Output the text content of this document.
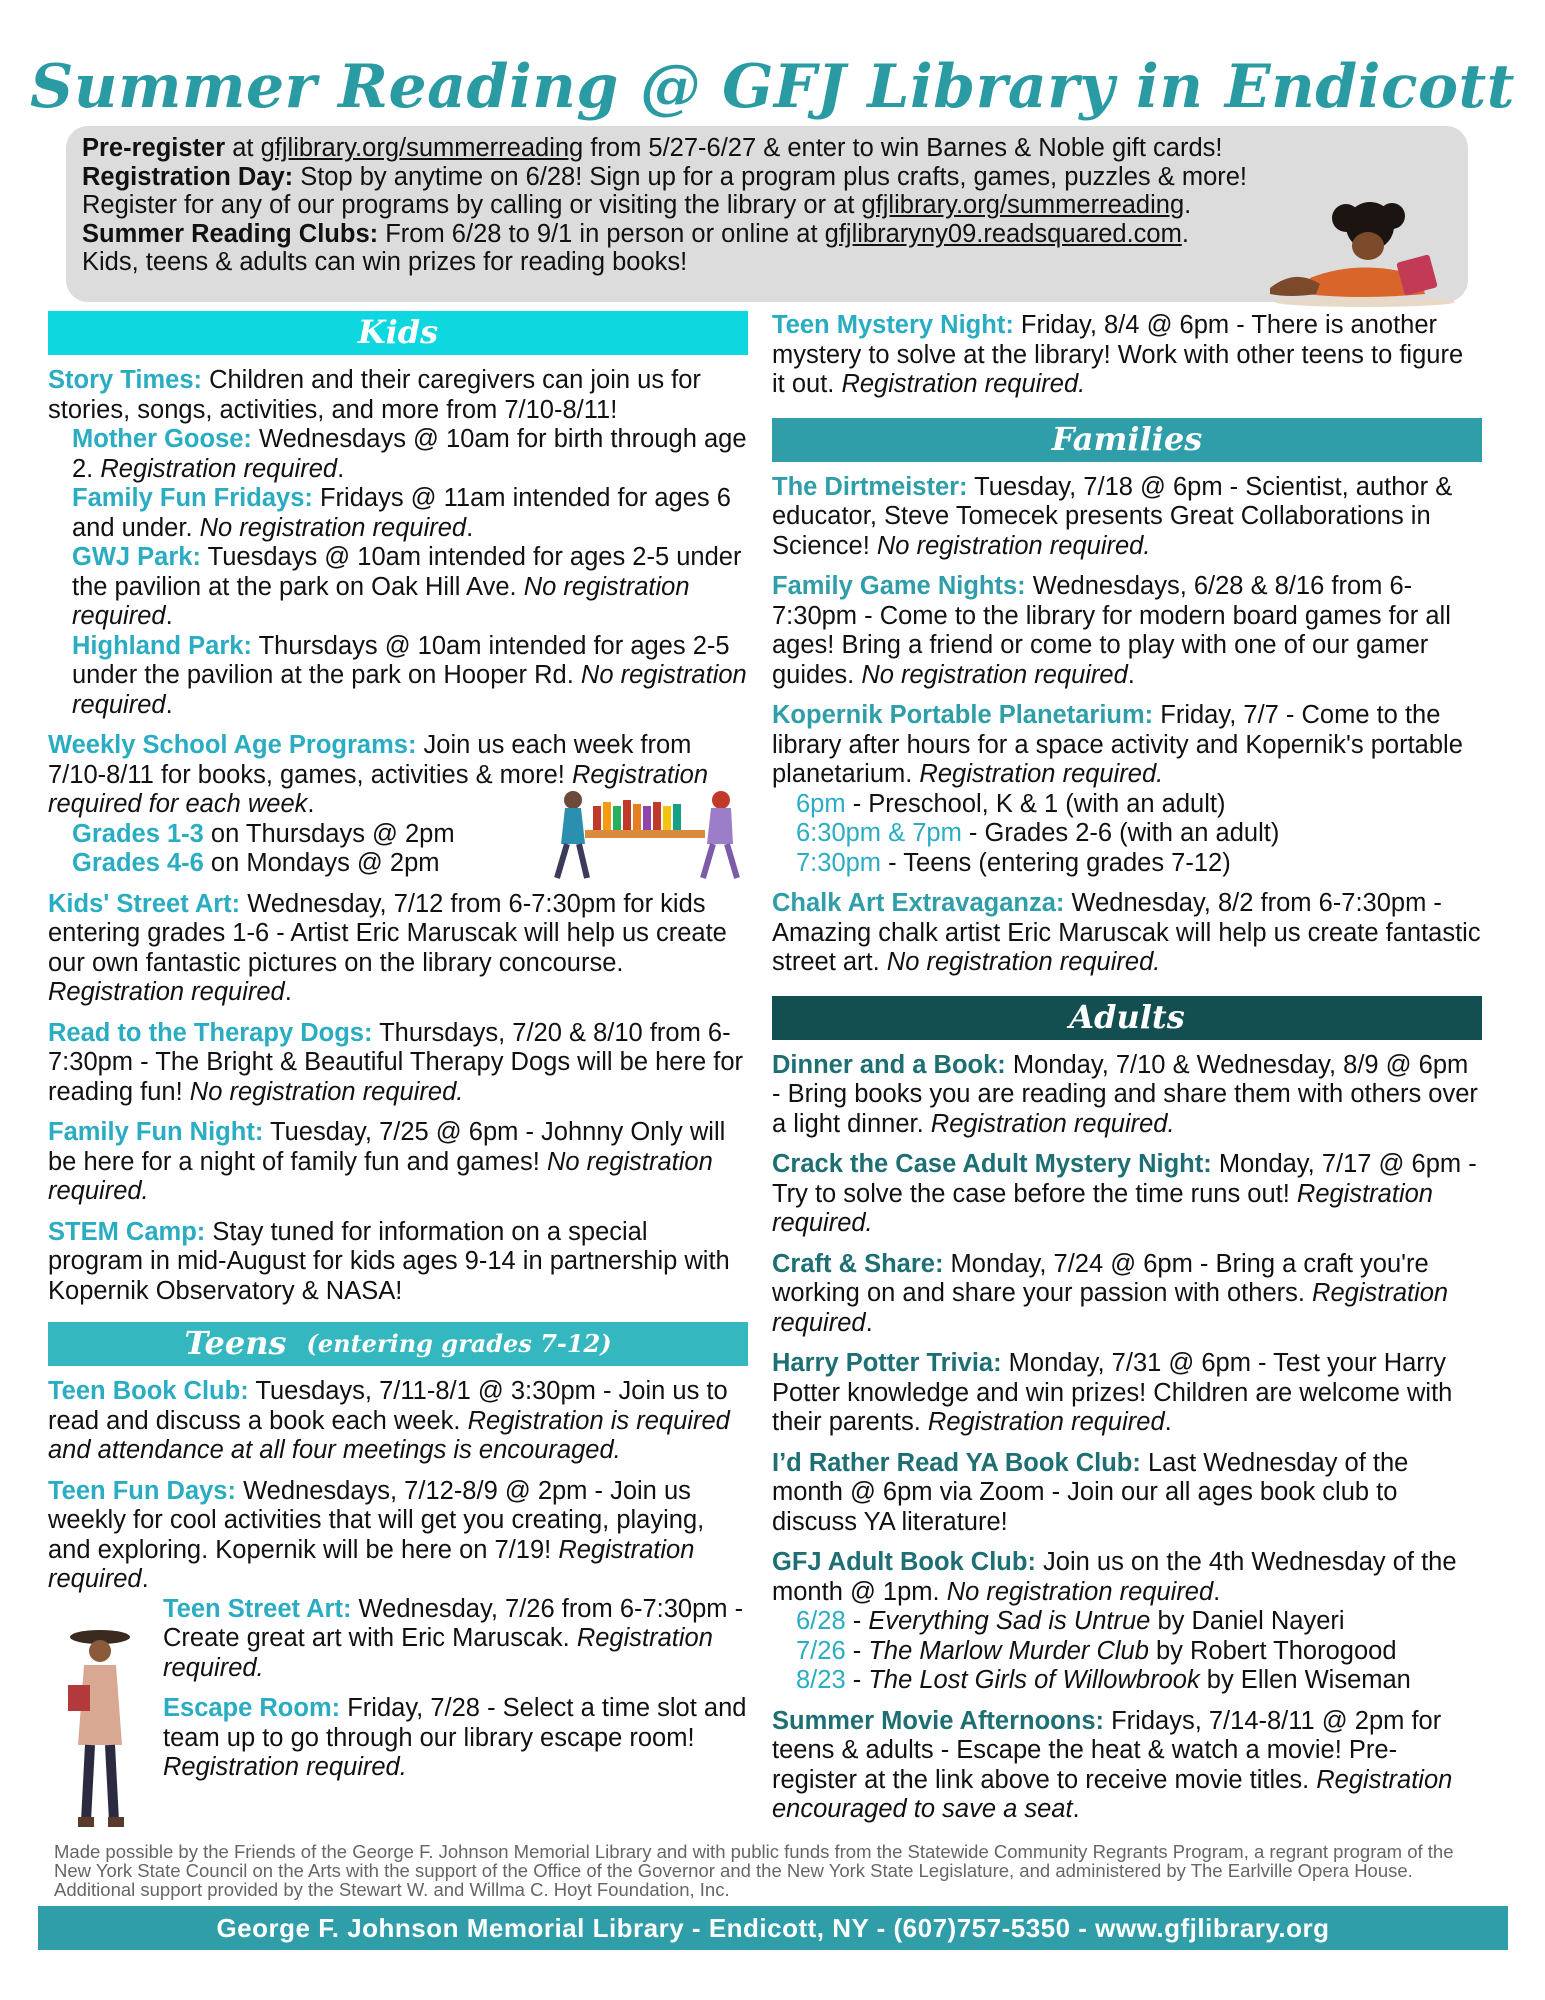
Summer Reading @ GFJ Library in Endicott

Pre-register at gfjlibrary.org/summerreading from 5/27-6/27 & enter to win Barnes & Noble gift cards!

Registration Day: Stop by anytime on 6/28! Sign up for a program plus crafts, games, puzzles & more!

Register for any of our programs by calling or visiting the library or at gfjlibrary.org/summerreading.

Summer Reading Clubs: From 6/28 to 9/1 in person or online at gfjlibraryny09.readsquared.com.

Kids, teens & adults can win prizes for reading books!

Kids

Story Times: Children and their caregivers can join us for stories, songs, activities, and more from 7/10-8/11!

Mother Goose: Wednesdays @ 10am for birth through age 2. Registration required.

Family Fun Fridays: Fridays @ 11am intended for ages 6 and under. No registration required.

GWJ Park: Tuesdays @ 10am intended for ages 2-5 under the pavilion at the park on Oak Hill Ave. No registration required.

Highland Park: Thursdays @ 10am intended for ages 2-5 under the pavilion at the park on Hooper Rd. No registration required.

Weekly School Age Programs: Join us each week from 7/10-8/11 for books, games, activities & more! Registration required for each week.

Grades 1-3 on Thursdays @ 2pm

Grades 4-6 on Mondays @ 2pm

Kids' Street Art: Wednesday, 7/12 from 6-7:30pm for kids entering grades 1-6 - Artist Eric Maruscak will help us create our own fantastic pictures on the library concourse. Registration required.

Read to the Therapy Dogs: Thursdays, 7/20 & 8/10 from 6-7:30pm - The Bright & Beautiful Therapy Dogs will be here for reading fun! No registration required.

Family Fun Night: Tuesday, 7/25 @ 6pm - Johnny Only will be here for a night of family fun and games! No registration required.

STEM Camp: Stay tuned for information on a special program in mid-August for kids ages 9-14 in partnership with Kopernik Observatory & NASA!

Teens (entering grades 7-12)

Teen Book Club: Tuesdays, 7/11-8/1 @ 3:30pm - Join us to read and discuss a book each week. Registration is required and attendance at all four meetings is encouraged.

Teen Fun Days: Wednesdays, 7/12-8/9 @ 2pm - Join us weekly for cool activities that will get you creating, playing, and exploring. Kopernik will be here on 7/19! Registration required.

Teen Street Art: Wednesday, 7/26 from 6-7:30pm - Create great art with Eric Maruscak. Registration required.

Escape Room: Friday, 7/28 - Select a time slot and team up to go through our library escape room! Registration required.

Teen Mystery Night: Friday, 8/4 @ 6pm - There is another mystery to solve at the library! Work with other teens to figure it out. Registration required.

Families

The Dirtmeister: Tuesday, 7/18 @ 6pm - Scientist, author & educator, Steve Tomecek presents Great Collaborations in Science! No registration required.

Family Game Nights: Wednesdays, 6/28 & 8/16 from 6-7:30pm - Come to the library for modern board games for all ages! Bring a friend or come to play with one of our gamer guides. No registration required.

Kopernik Portable Planetarium: Friday, 7/7 - Come to the library after hours for a space activity and Kopernik's portable planetarium. Registration required.

6pm - Preschool, K & 1 (with an adult)

6:30pm & 7pm - Grades 2-6 (with an adult)

7:30pm - Teens (entering grades 7-12)

Chalk Art Extravaganza: Wednesday, 8/2 from 6-7:30pm - Amazing chalk artist Eric Maruscak will help us create fantastic street art. No registration required.

Adults

Dinner and a Book: Monday, 7/10 & Wednesday, 8/9 @ 6pm - Bring books you are reading and share them with others over a light dinner. Registration required.

Crack the Case Adult Mystery Night: Monday, 7/17 @ 6pm - Try to solve the case before the time runs out! Registration required.

Craft & Share: Monday, 7/24 @ 6pm - Bring a craft you're working on and share your passion with others. Registration required.

Harry Potter Trivia: Monday, 7/31 @ 6pm - Test your Harry Potter knowledge and win prizes! Children are welcome with their parents. Registration required.

I’d Rather Read YA Book Club: Last Wednesday of the month @ 6pm via Zoom - Join our all ages book club to discuss YA literature!

GFJ Adult Book Club: Join us on the 4th Wednesday of the month @ 1pm. No registration required.

6/28 - Everything Sad is Untrue by Daniel Nayeri

7/26 - The Marlow Murder Club by Robert Thorogood

8/23 - The Lost Girls of Willowbrook by Ellen Wiseman

Summer Movie Afternoons: Fridays, 7/14-8/11 @ 2pm for teens & adults - Escape the heat & watch a movie! Pre-register at the link above to receive movie titles. Registration encouraged to save a seat.

Made possible by the Friends of the George F. Johnson Memorial Library and with public funds from the Statewide Community Regrants Program, a regrant program of the New York State Council on the Arts with the support of the Office of the Governor and the New York State Legislature, and administered by The Earlville Opera House. Additional support provided by the Stewart W. and Willma C. Hoyt Foundation, Inc.
George F. Johnson Memorial Library - Endicott, NY - (607)757-5350 - www.gfjlibrary.org
